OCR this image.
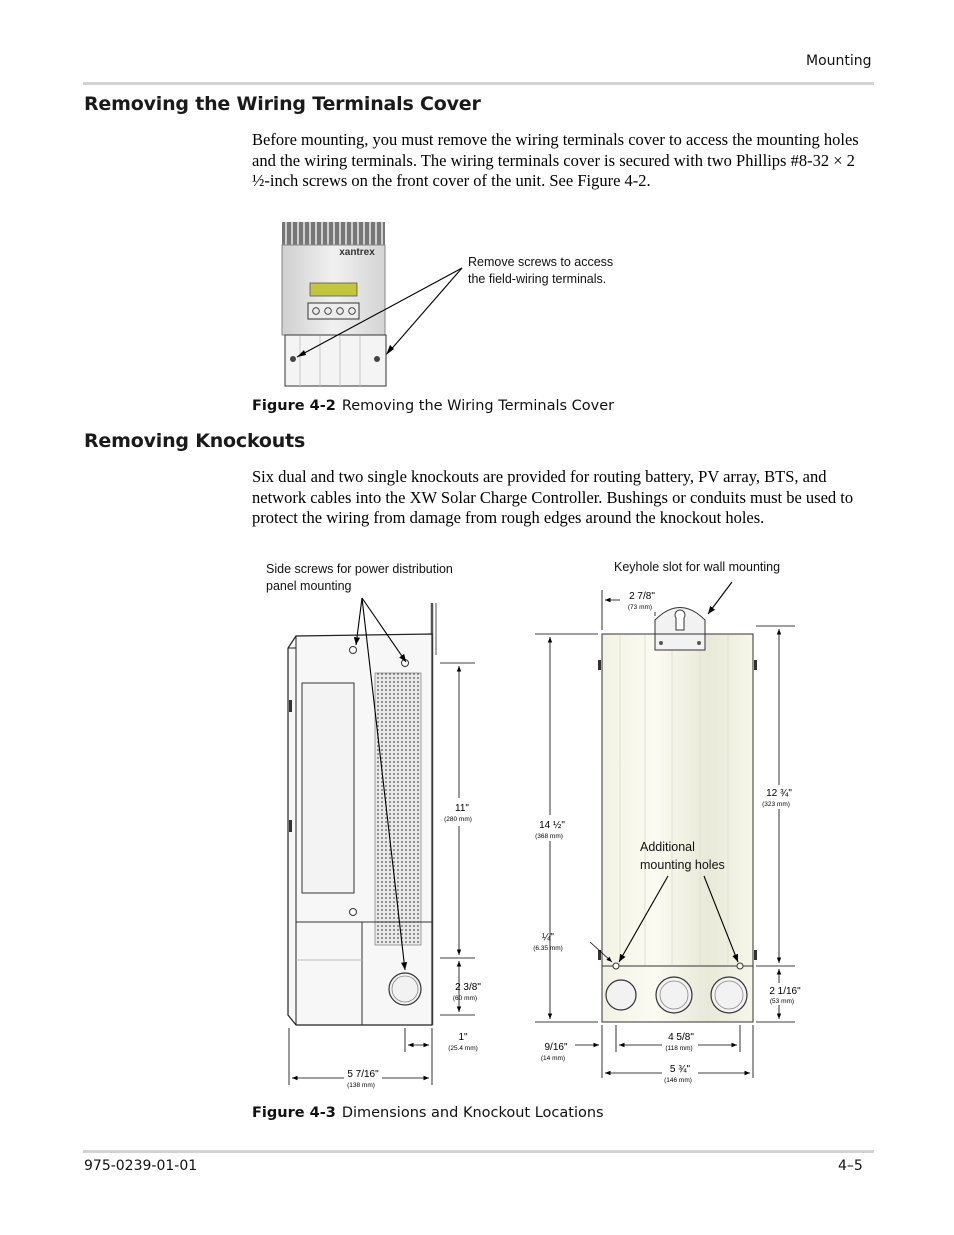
Mounting
Removing the Wiring Terminals Cover

Before mounting, you must remove the wiring terminals cover to access the mounting holes and the wiring terminals. The wiring terminals cover is secured with two Phillips #8-32 × 2 ½-inch screws on the front cover of the unit. See Figure 4-2.

xantrex
Remove screws to access
the field-wiring terminals.
Figure 4-2 Removing the Wiring Terminals Cover
Removing Knockouts

Six dual and two single knockouts are provided for routing battery, PV array, BTS, and network cables into the XW Solar Charge Controller. Bushings or conduits must be used to protect the wiring from damage from rough edges around the knockout holes.

Side screws for power distribution
panel mounting
11"
(280 mm)
2 3/8"
(60 mm)
1"
(25.4 mm)
5 7/16"
(138 mm)
Keyhole slot for wall mounting
Additional
mounting holes
2 7/8"
(73 mm)
14 ½"
(368 mm)
¼"
(6.35 mm)
9/16"
(14 mm)
4 5/8"
(118 mm)
5 ¾"
(146 mm)
12 ¾"
(323 mm)
2 1/16"
(53 mm)
Figure 4-3 Dimensions and Knockout Locations
975-0239-01-01	4–5
